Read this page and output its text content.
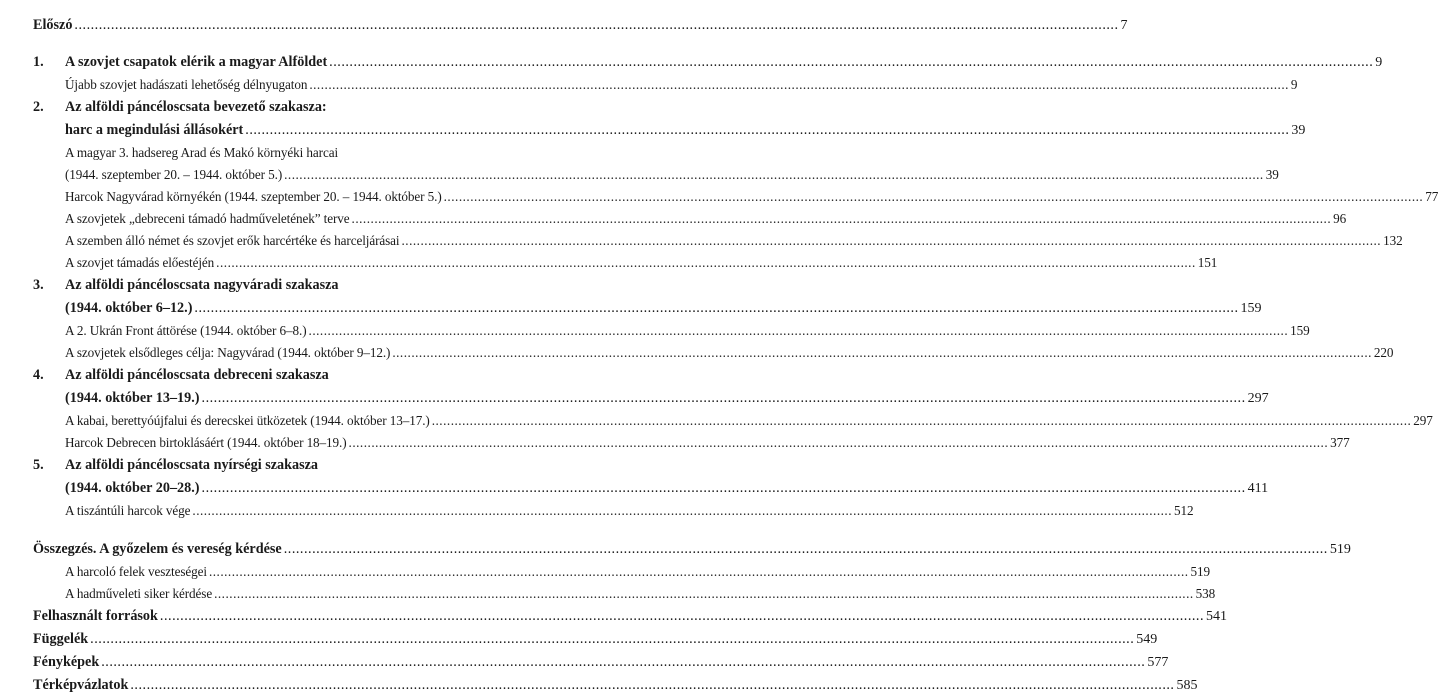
Előszó .....	7
1.	A szovjet csapatok elérik a magyar Alföldet .....	9
Újabb szovjet hadászati lehetőség délnyugaton .....	9
2.	Az alföldi páncéloscsata bevezető szakasza:
harc a megindulási állásokért .....	39
A magyar 3. hadsereg Arad és Makó környéki harcai
(1944. szeptember 20. – 1944. október 5.) .....	39
Harcok Nagyvárad környékén (1944. szeptember 20. – 1944. október 5.) .....	77
A szovjetek „debreceni támadó hadműveletének” terve .....	96
A szemben álló német és szovjet erők harcértéke és harceljárásai .....	132
A szovjet támadás előestéjén .....	151
3.	Az alföldi páncéloscsata nagyváradi szakasza
(1944. október 6–12.) .....	159
A 2. Ukrán Front áttörése (1944. október 6–8.) .....	159
A szovjetek elsődleges célja: Nagyvárad (1944. október 9–12.) .....	220
4.	Az alföldi páncéloscsata debreceni szakasza
(1944. október 13–19.) .....	297
A kabai, berettyóújfalui és derecskei ütközetek (1944. október 13–17.) .....	297
Harcok Debrecen birtoklásáért (1944. október 18–19.) .....	377
5.	Az alföldi páncéloscsata nyírségi szakasza
(1944. október 20–28.) .....	411
A tiszántúli harcok vége .....	512
Összegzés. A győzelem és vereség kérdése .....	519
A harcoló felek veszteségei .....	519
A hadműveleti siker kérdése .....	538
Felhasznált források .....	541
Függelék .....	549
Fényképek .....	577
Térképvázlatok .....	585
